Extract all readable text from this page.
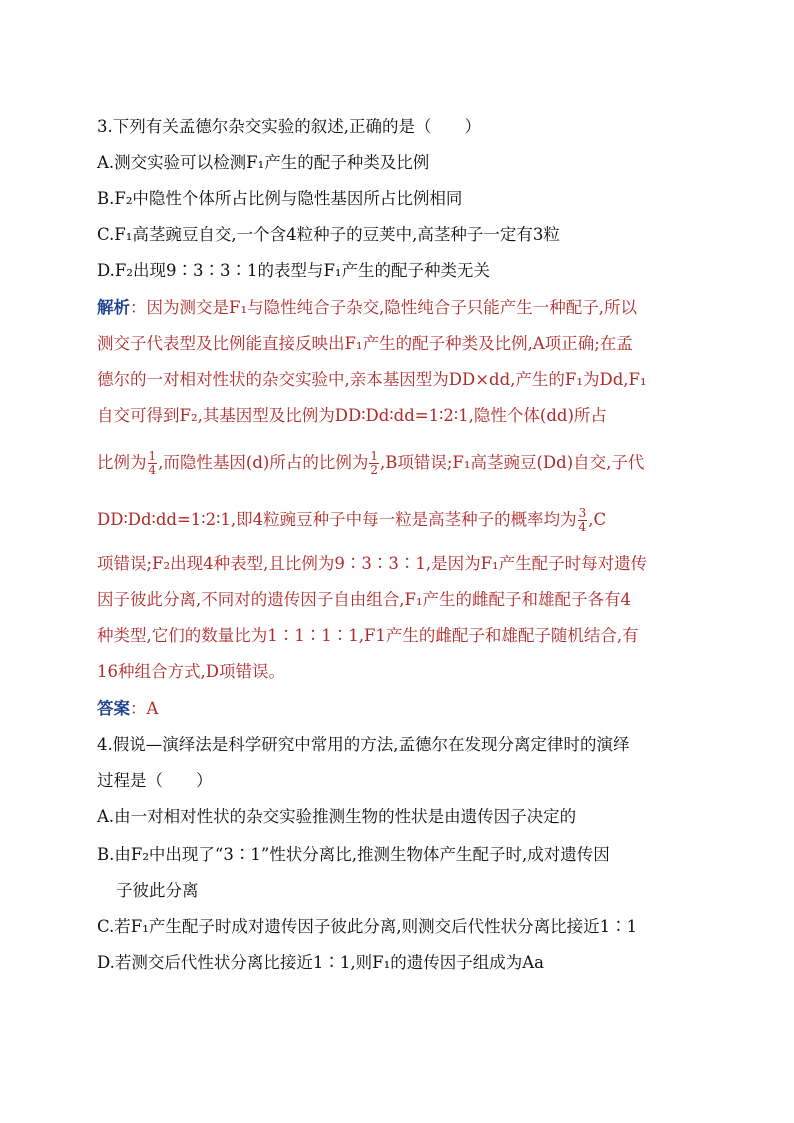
3.下列有关孟德尔杂交实验的叙述,正确的是（　　）
A.测交实验可以检测F₁产生的配子种类及比例
B.F₂中隐性个体所占比例与隐性基因所占比例相同
C.F₁高茎豌豆自交,一个含4粒种子的豆荚中,高茎种子一定有3粒
D.F₂出现9∶3∶3∶1的表型与F₁产生的配子种类无关
解析：因为测交是F₁与隐性纯合子杂交,隐性纯合子只能产生一种配子,所以
测交子代表型及比例能直接反映出F₁产生的配子种类及比例,A项正确;在孟
德尔的一对相对性状的杂交实验中,亲本基因型为DD×dd,产生的F₁为Dd,F₁
自交可得到F₂,其基因型及比例为DD∶Dd∶dd=1∶2∶1,隐性个体(dd)所占
比例为 $\frac{1}{4}$ ,而隐性基因(d)所占的比例为 $\frac{1}{2} ,B$项错误;F₁高茎豌豆(Dd)自交,子代
DD∶Dd∶dd=1∶2∶1,即4粒豌豆种子中每一粒是高茎种子的概率均为 $\frac{3}{4} ,C$
项错误;F₂出现4种表型,且比例为9∶3∶3∶1,是因为F₁产生配子时每对遗传
因子彼此分离,不同对的遗传因子自由组合,F₁产生的雌配子和雄配子各有4
种类型,它们的数量比为1∶1∶1∶1,F1产生的雌配子和雄配子随机结合,有
16种组合方式,D项错误。
答案：A
4.假说—演绎法是科学研究中常用的方法,孟德尔在发现分离定律时的演绎
过程是（　　）
A.由一对相对性状的杂交实验推测生物的性状是由遗传因子决定的
B.由F₂中出现了“3∶1”性状分离比,推测生物体产生配子时,成对遗传因
子彼此分离
C.若F₁产生配子时成对遗传因子彼此分离,则测交后代性状分离比接近1∶1
D.若测交后代性状分离比接近1∶1,则F₁的遗传因子组成为Aa
